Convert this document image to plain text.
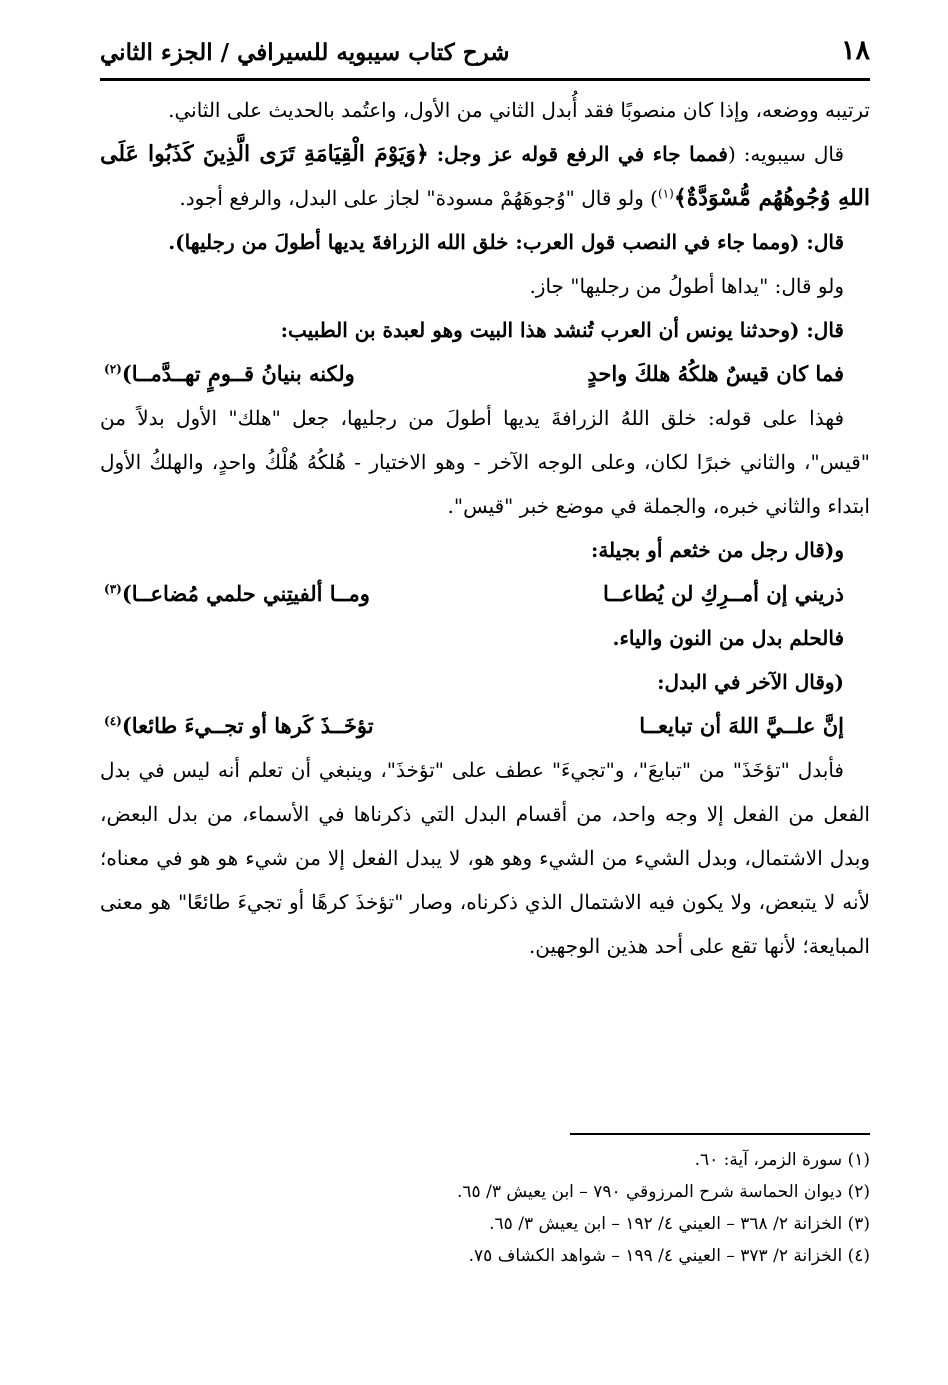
١٨
شرح كتاب سيبويه للسيرافي / الجزء الثاني

ترتيبه ووضعه، وإذا كان منصوبًا فقد أُبدل الثاني من الأول، واعتُمد بالحديث على الثاني.

قال سيبويه: (فمما جاء في الرفع قوله عز وجل: ﴿وَيَوْمَ الْقِيَامَةِ تَرَى الَّذِينَ كَذَبُوا عَلَى اللهِ وُجُوهُهُم مُّسْوَدَّةٌ﴾$^{(١)}$) ولو قال "وُجوهَهُمْ مسودة" لجاز على البدل، والرفع أجود.

قال: (ومما جاء في النصب قول العرب: خلق الله الزرافةَ يديها أطولَ من رجليها).

ولو قال: "يداها أطولُ من رجليها" جاز.

قال: (وحدثنا يونس أن العرب تُنشد هذا البيت وهو لعبدة بن الطبيب:

فما كان قيسٌ هلكُهُ هلكَ واحدٍ
ولكنه بنيانُ قــومٍ تهــدَّمــا)$^{(٢)}$

فهذا على قوله: خلق اللهُ الزرافةَ يديها أطولَ من رجليها، جعل "هلك" الأول بدلاً من "قيس"، والثاني خبرًا لكان، وعلى الوجه الآخر - وهو الاختيار - هُلكُهُ هُلْكُ واحدٍ، والهلكُ الأول ابتداء والثاني خبره، والجملة في موضع خبر "قيس".

و(قال رجل من خثعم أو بجيلة:

ذريني إن أمــرِكِ لن يُطاعــا
ومــا ألفيتِني حلمي مُضاعــا)$^{(٣)}$

فالحلم بدل من النون والياء.

(وقال الآخر في البدل:

إنَّ علــيَّ اللهَ أن تبايعــا
تؤخَــذَ كَرها أو تجــيءَ طائعا)$^{(٤)}$

فأبدل "تؤخَذَ" من "تبايعَ"، و"تجيءَ" عطف على "تؤخذَ"، وينبغي أن تعلم أنه ليس في بدل الفعل من الفعل إلا وجه واحد، من أقسام البدل التي ذكرناها في الأسماء، من بدل البعض، وبدل الاشتمال، وبدل الشيء من الشيء وهو هو، لا يبدل الفعل إلا من شيء هو هو في معناه؛ لأنه لا يتبعض، ولا يكون فيه الاشتمال الذي ذكرناه، وصار "تؤخذَ كرهًا أو تجيءَ طائعًا" هو معنى المبايعة؛ لأنها تقع على أحد هذين الوجهين.

(١) سورة الزمر، آية: ٦٠.
(٢) ديوان الحماسة شرح المرزوقي ٧٩٠ – ابن يعيش ٣/ ٦٥.
(٣) الخزانة ٢/ ٣٦٨ – العيني ٤/ ١٩٢ – ابن يعيش ٣/ ٦٥.
(٤) الخزانة ٢/ ٣٧٣ – العيني ٤/ ١٩٩ – شواهد الكشاف ٧٥.
